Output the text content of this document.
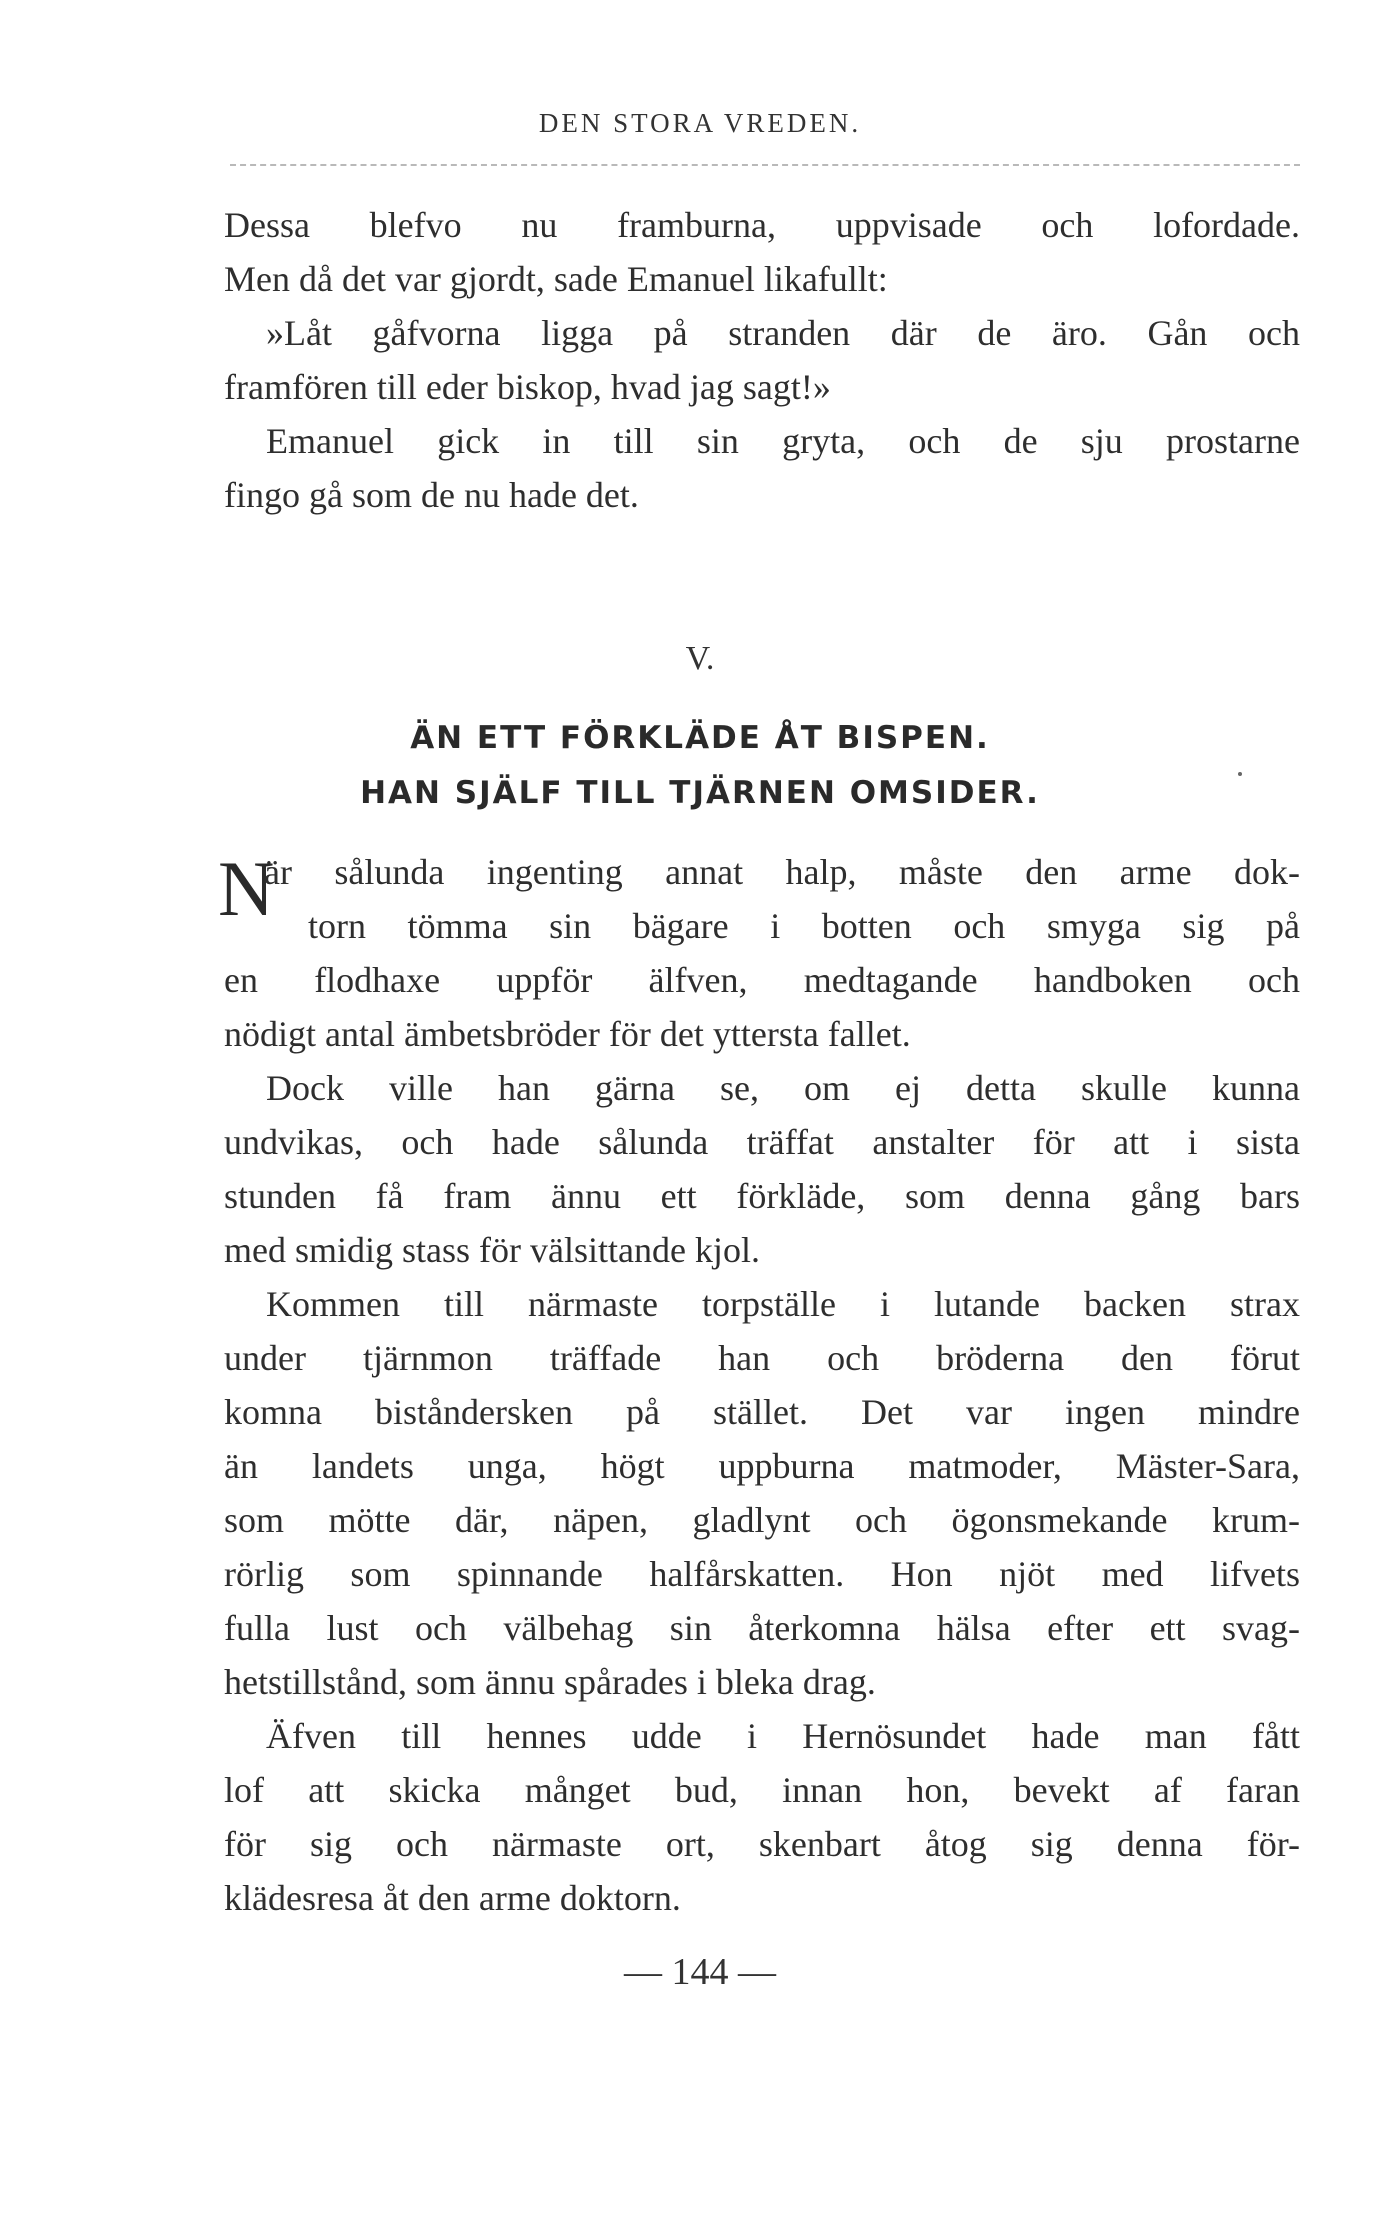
DEN STORA VREDEN.
Dessa blefvo nu framburna, uppvisade och lofordade.
Men då det var gjordt, sade Emanuel likafullt:
»Låt gåfvorna ligga på stranden där de äro. Gån och
framfören till eder biskop, hvad jag sagt!»
Emanuel gick in till sin gryta, och de sju prostarne
fingo gå som de nu hade det.
V.
ÄN ETT FÖRKLÄDE ÅT BISPEN.
HAN SJÄLF TILL TJÄRNEN OMSIDER.
N
är sålunda ingenting annat halp, måste den arme dok-
torn tömma sin bägare i botten och smyga sig på
en flodhaxe uppför älfven, medtagande handboken och
nödigt antal ämbetsbröder för det yttersta fallet.
Dock ville han gärna se, om ej detta skulle kunna
undvikas, och hade sålunda träffat anstalter för att i sista
stunden få fram ännu ett förkläde, som denna gång bars
med smidig stass för välsittande kjol.
Kommen till närmaste torpställe i lutande backen strax
under tjärnmon träffade han och bröderna den förut
komna biståndersken på stället. Det var ingen mindre
än landets unga, högt uppburna matmoder, Mäster-Sara,
som mötte där, näpen, gladlynt och ögonsmekande krum-
rörlig som spinnande halfårskatten. Hon njöt med lifvets
fulla lust och välbehag sin återkomna hälsa efter ett svag-
hetstillstånd, som ännu spårades i bleka drag.
Äfven till hennes udde i Hernösundet hade man fått
lof att skicka månget bud, innan hon, bevekt af faran
för sig och närmaste ort, skenbart åtog sig denna för-
klädesresa åt den arme doktorn.
— 144 —
